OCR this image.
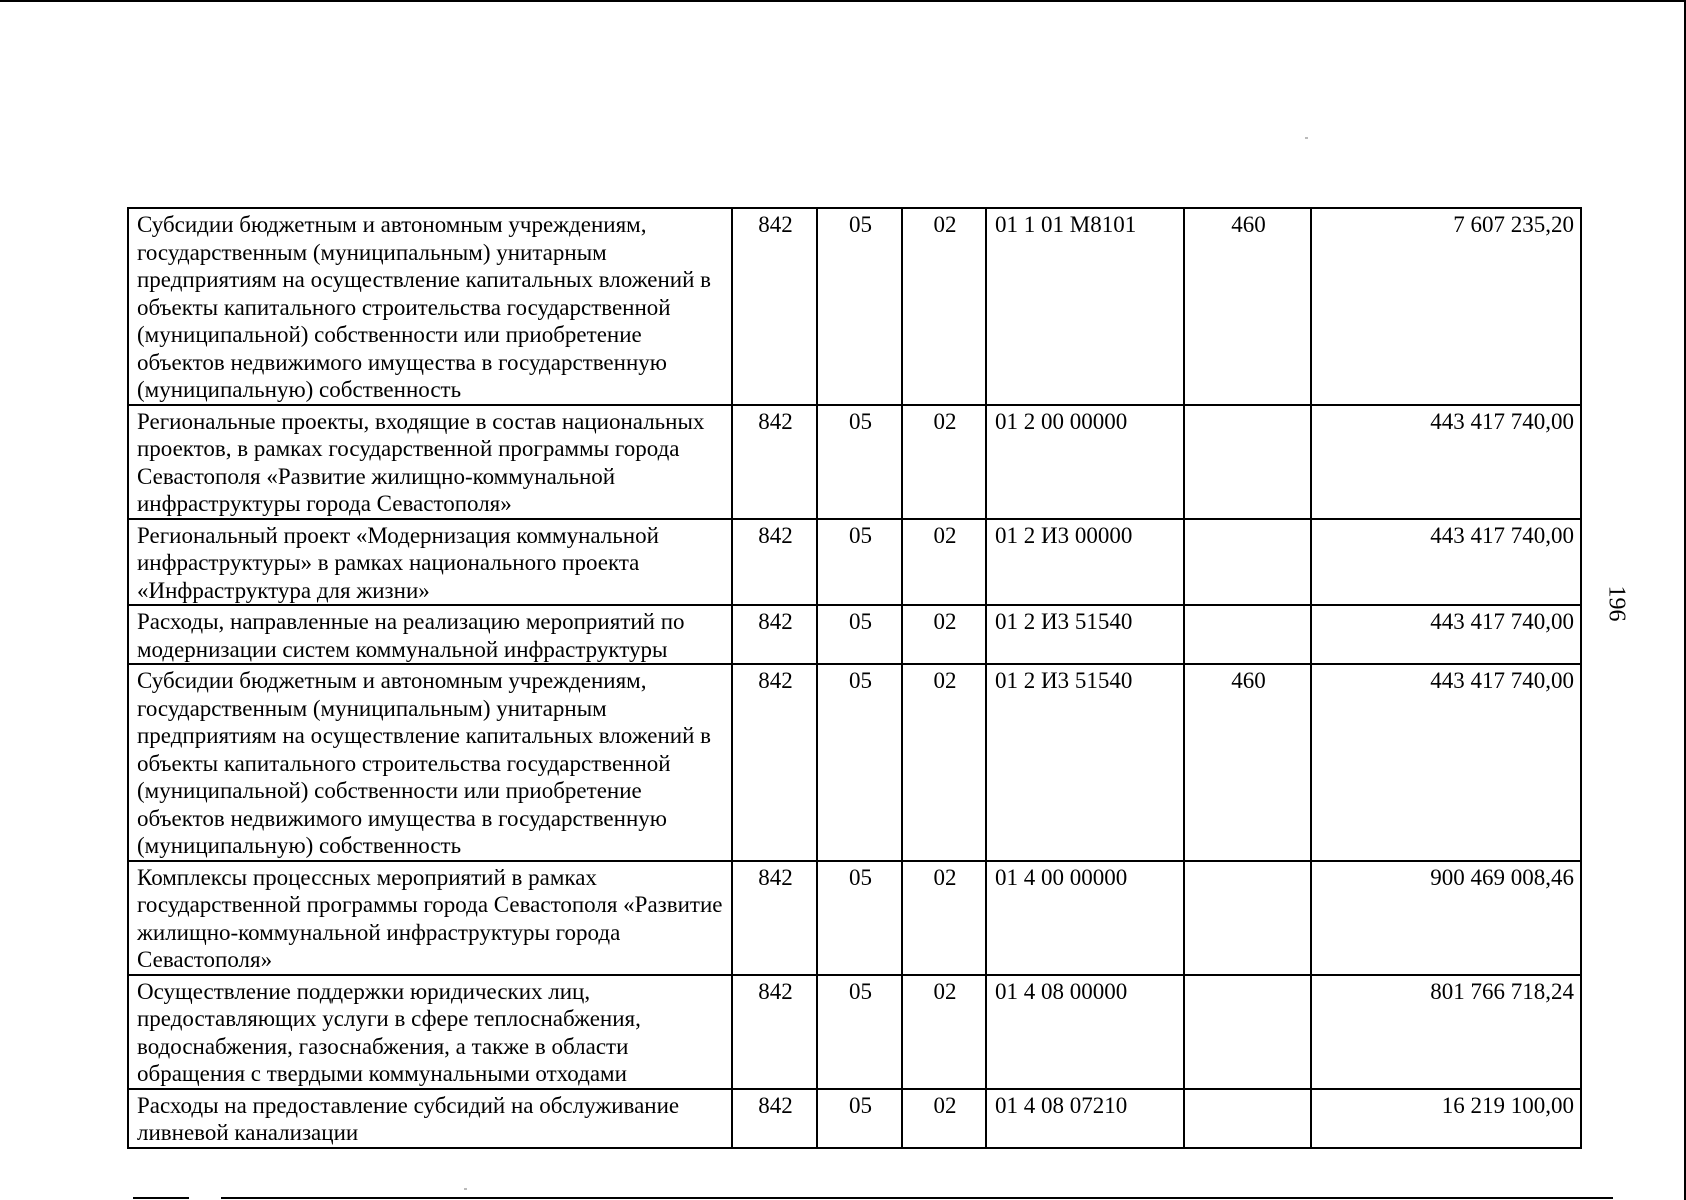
196
Субсидии бюджетным и автономным учреждениям, государственным (муниципальным) унитарным предприятиям на осуществление капитальных вложений в объекты капитального строительства государственной (муниципальной) собственности или приобретение объектов недвижимого имущества в государственную (муниципальную) собственность	842	05	02	01 1 01 М8101	460	7 607 235,20
Региональные проекты, входящие в состав национальных проектов, в рамках государственной программы города Севастополя «Развитие жилищно-коммунальной инфраструктуры города Севастополя»	842	05	02	01 2 00 00000		443 417 740,00
Региональный проект «Модернизация коммунальной инфраструктуры» в рамках национального проекта «Инфраструктура для жизни»	842	05	02	01 2 И3 00000		443 417 740,00
Расходы, направленные на реализацию мероприятий по модернизации систем коммунальной инфраструктуры	842	05	02	01 2 И3 51540		443 417 740,00
Субсидии бюджетным и автономным учреждениям, государственным (муниципальным) унитарным предприятиям на осуществление капитальных вложений в объекты капитального строительства государственной (муниципальной) собственности или приобретение объектов недвижимого имущества в государственную (муниципальную) собственность	842	05	02	01 2 И3 51540	460	443 417 740,00
Комплексы процессных мероприятий в рамках государственной программы города Севастополя «Развитие жилищно-коммунальной инфраструктуры города Севастополя»	842	05	02	01 4 00 00000		900 469 008,46
Осуществление поддержки юридических лиц, предоставляющих услуги в сфере теплоснабжения, водоснабжения, газоснабжения, а также в области обращения с твердыми коммунальными отходами	842	05	02	01 4 08 00000		801 766 718,24
Расходы на предоставление субсидий на обслуживание ливневой канализации	842	05	02	01 4 08 07210		16 219 100,00
